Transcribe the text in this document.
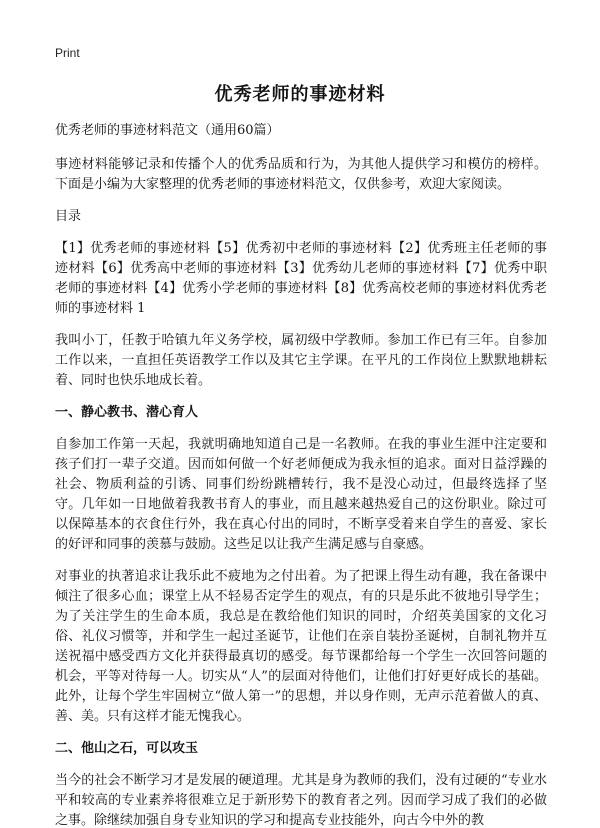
Print
优秀老师的事迹材料

优秀老师的事迹材料范文（通用60篇）

事迹材料能够记录和传播个人的优秀品质和行为，为其他人提供学习和模仿的榜样。下面是小编为大家整理的优秀老师的事迹材料范文，仅供参考，欢迎大家阅读。

目录

【1】优秀老师的事迹材料【5】优秀初中老师的事迹材料【2】优秀班主任老师的事迹材料【6】优秀高中老师的事迹材料【3】优秀幼儿老师的事迹材料【7】优秀中职老师的事迹材料【4】优秀小学老师的事迹材料【8】优秀高校老师的事迹材料优秀老师的事迹材料 1

我叫小丁，任教于哈镇九年义务学校，属初级中学教师。参加工作已有三年。自参加工作以来，一直担任英语教学工作以及其它主学课。在平凡的工作岗位上默默地耕耘着、同时也快乐地成长着。

一、静心教书、潜心育人

自参加工作第一天起，我就明确地知道自己是一名教师。在我的事业生涯中注定要和孩子们打一辈子交道。因而如何做一个好老师便成为我永恒的追求。面对日益浮躁的社会、物质利益的引诱、同事们纷纷跳槽转行，我不是没心动过，但最终选择了坚守。几年如一日地做着我教书育人的事业，而且越来越热爱自己的这份职业。除过可以保障基本的衣食住行外，我在真心付出的同时，不断享受着来自学生的喜爱、家长的好评和同事的羡慕与鼓励。这些足以让我产生满足感与自豪感。

对事业的执著追求让我乐此不疲地为之付出着。为了把课上得生动有趣，我在备课中倾注了很多心血；课堂上从不轻易否定学生的观点，有的只是乐此不彼地引导学生；为了关注学生的生命本质，我总是在教给他们知识的同时，介绍英美国家的文化习俗、礼仪习惯等，并和学生一起过圣诞节，让他们在亲自装扮圣诞树，自制礼物并互送祝福中感受西方文化并获得最真切的感受。每节课都给每一个学生一次回答问题的机会，平等对待每一人。切实从“人”的层面对待他们，让他们打好更好成长的基础。此外，让每个学生牢固树立“做人第一”的思想，并以身作则，无声示范着做人的真、善、美。只有这样才能无愧我心。

二、他山之石，可以攻玉

当今的社会不断学习才是发展的硬道理。尤其是身为教师的我们，没有过硬的“专业水平和较高的专业素养将很难立足于新形势下的教育者之列。因而学习成了我们的必做之事。除继续加强自身专业知识的学习和提高专业技能外，向古今中外的教
